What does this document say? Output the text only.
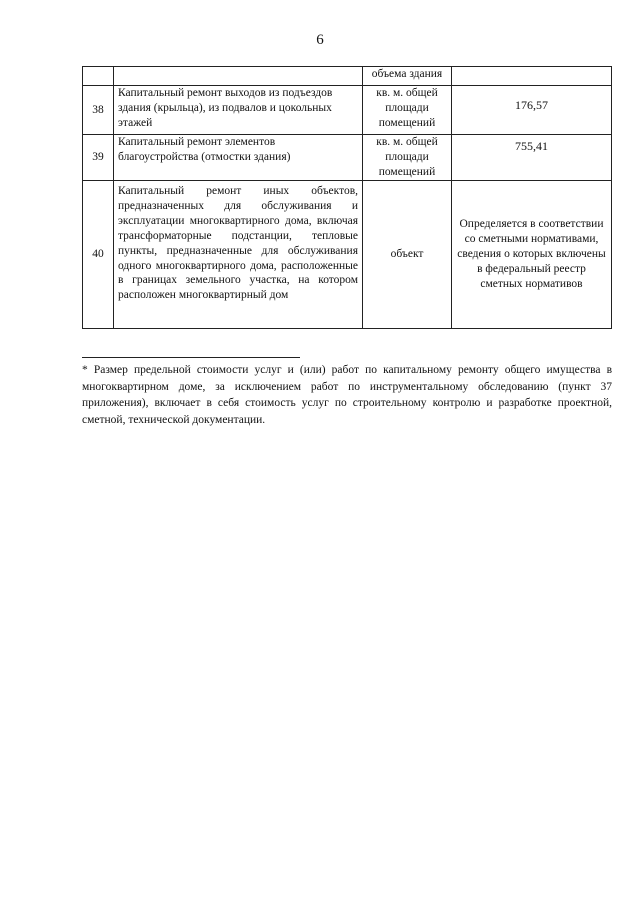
6
		объема здания	
38	Капитальный ремонт выходов из подъездов здания (крыльца), из подвалов и цокольных этажей	кв. м. общей площади помещений	176,57

39	Капитальный ремонт элементов благоустройства (отмостки здания)	кв. м. общей площади помещений	755,41

40	Капитальный ремонт иных объектов, предназначенных для обслуживания и эксплуатации многоквартирного дома, включая трансформаторные подстанции, тепловые пункты, предназначенные для обслуживания одного многоквартирного дома, расположенные в границах земельного участка, на котором расположен многоквартирный дом	объект	Определяется в соответствии со сметными нормативами, сведения о которых включены в федеральный реестр сметных нормативов
* Размер предельной стоимости услуг и (или) работ по капитальному ремонту общего имущества в многоквартирном доме, за исключением работ по инструментальному обследованию (пункт 37 приложения), включает в себя стоимость услуг по строительному контролю и разработке проектной, сметной, технической документации.
